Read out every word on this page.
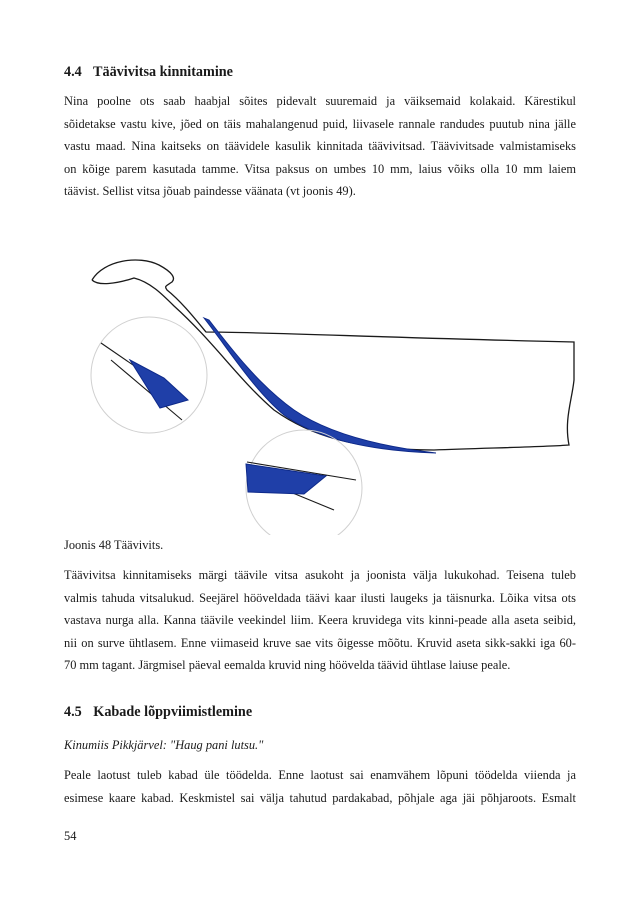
4.4 Täävivitsa kinnitamine
Nina poolne ots saab haabjal sõites pidevalt suuremaid ja väiksemaid kolakaid. Kärestikul
sõidetakse vastu kive, jõed on täis mahalangenud puid, liivasele rannale randudes puutub nina jälle
vastu maad. Nina kaitseks on täävidele kasulik kinnitada täävivitsad. Täävivitsade valmistamiseks
on kõige parem kasutada tamme. Vitsa paksus on umbes 10 mm, laius võiks olla 10 mm laiem
täävist. Sellist vitsa jõuab paindesse väänata (vt joonis 49).
Joonis 48 Täävivits.
Täävivitsa kinnitamiseks märgi täävile vitsa asukoht ja joonista välja lukukohad. Teisena tuleb
valmis tahuda vitsalukud. Seejärel hööveldada täävi kaar ilusti laugeks ja täisnurka. Lõika vitsa ots
vastava nurga alla. Kanna täävile veekindel liim. Keera kruvidega vits kinni-peade alla aseta seibid,
nii on surve ühtlasem. Enne viimaseid kruve sae vits õigesse mõõtu. Kruvid aseta sikk-sakki iga 60-
70 mm tagant. Järgmisel päeval eemalda kruvid ning hööveldа täävid ühtlase laiuse peale.
4.5 Kabade lõppviimistlemine
Kinumiis Pikkjärvel: "Haug pani lutsu."
Peale laotust tuleb kabad üle töödelda. Enne laotust sai enamvähem lõpuni töödelda viienda ja
esimese kaare kabad. Keskmistel sai välja tahutud pardakabad, põhjale aga jäi põhjaroots. Esmalt
54
